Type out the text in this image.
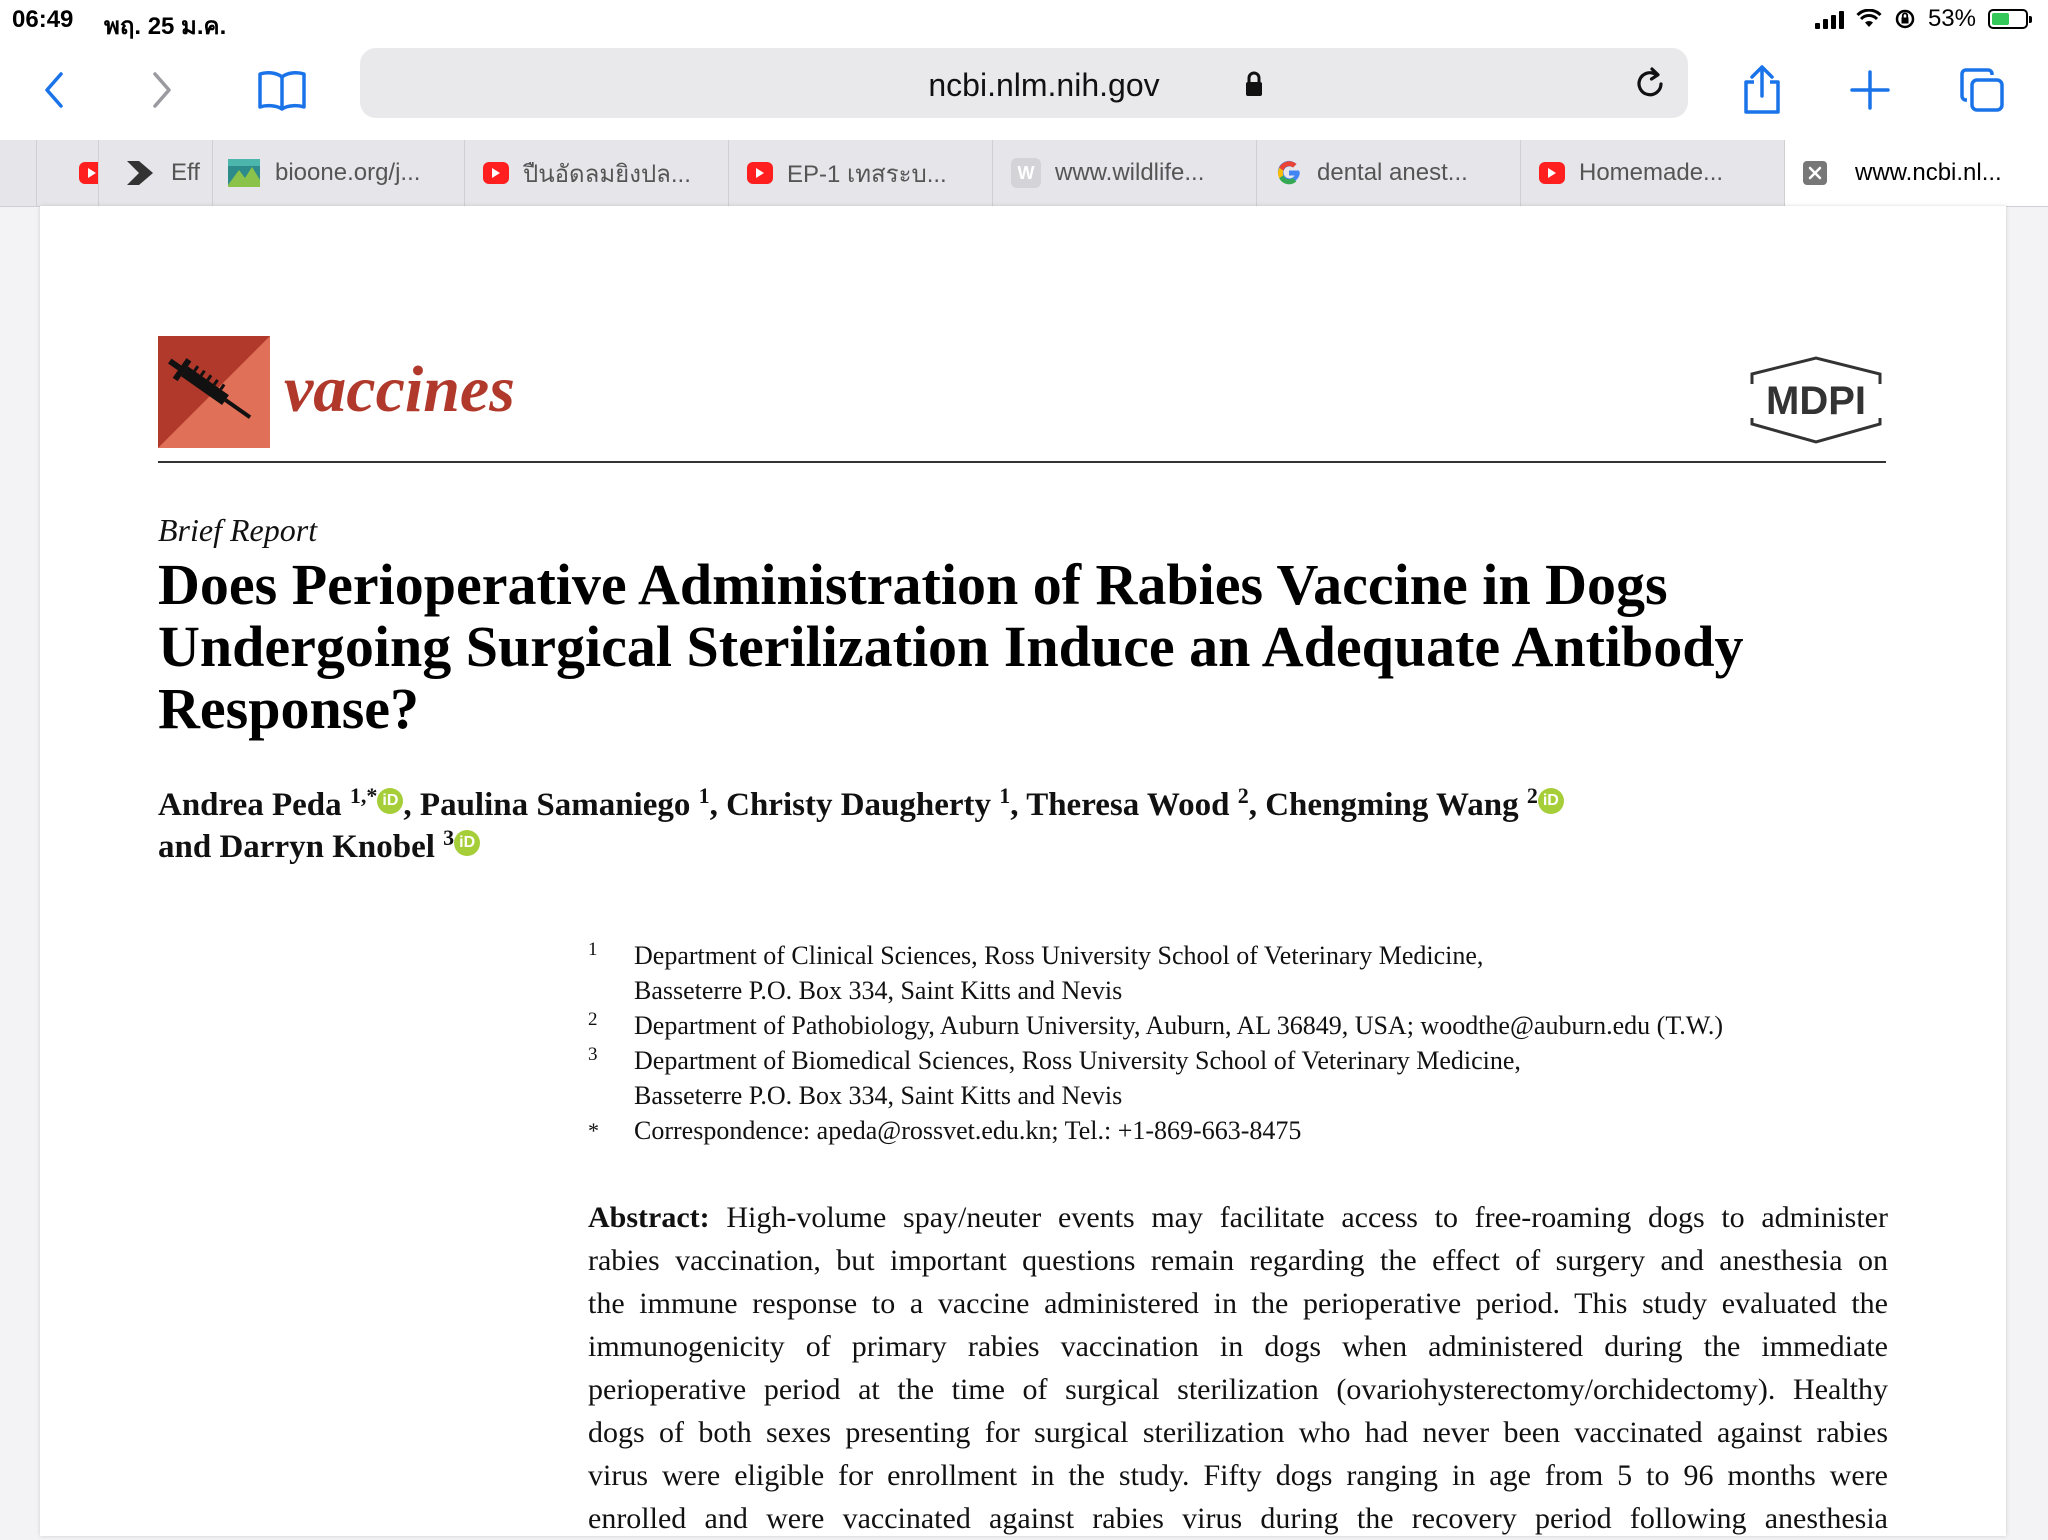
06:49 พฤ. 25 ม.ค.	53%
ncbi.nlm.nih.gov
Eff	bioone.org/j...	ปืนอัดลมยิงปล...	EP-1 เทสระบ...	W www.wildlife...	dental anest...	Homemade...	www.ncbi.nl...
vaccines	MDPI
Brief Report
Does Perioperative Administration of Rabies Vaccine in Dogs Undergoing Surgical Sterilization Induce an Adequate Antibody Response?
Andrea Peda $^{1,*}$ iD , Paulina Samaniego $^1$, Christy Daugherty $^1$, Theresa Wood $^2$, Chengming Wang $^2$ iD
and Darryn Knobel $^3$ iD
1 Department of Clinical Sciences, Ross University School of Veterinary Medicine,
Basseterre P.O. Box 334, Saint Kitts and Nevis
2 Department of Pathobiology, Auburn University, Auburn, AL 36849, USA; woodthe@auburn.edu (T.W.)
3 Department of Biomedical Sciences, Ross University School of Veterinary Medicine,
Basseterre P.O. Box 334, Saint Kitts and Nevis
* Correspondence: apeda@rossvet.edu.kn; Tel.: +1-869-663-8475
Abstract: High-volume spay/neuter events may facilitate access to free-roaming dogs to administer
rabies vaccination, but important questions remain regarding the effect of surgery and anesthesia on
the immune response to a vaccine administered in the perioperative period. This study evaluated the
immunogenicity of primary rabies vaccination in dogs when administered during the immediate
perioperative period at the time of surgical sterilization (ovariohysterectomy/orchidectomy). Healthy
dogs of both sexes presenting for surgical sterilization who had never been vaccinated against rabies
virus were eligible for enrollment in the study. Fifty dogs ranging in age from 5 to 96 months were
enrolled and were vaccinated against rabies virus during the recovery period following anesthesia
